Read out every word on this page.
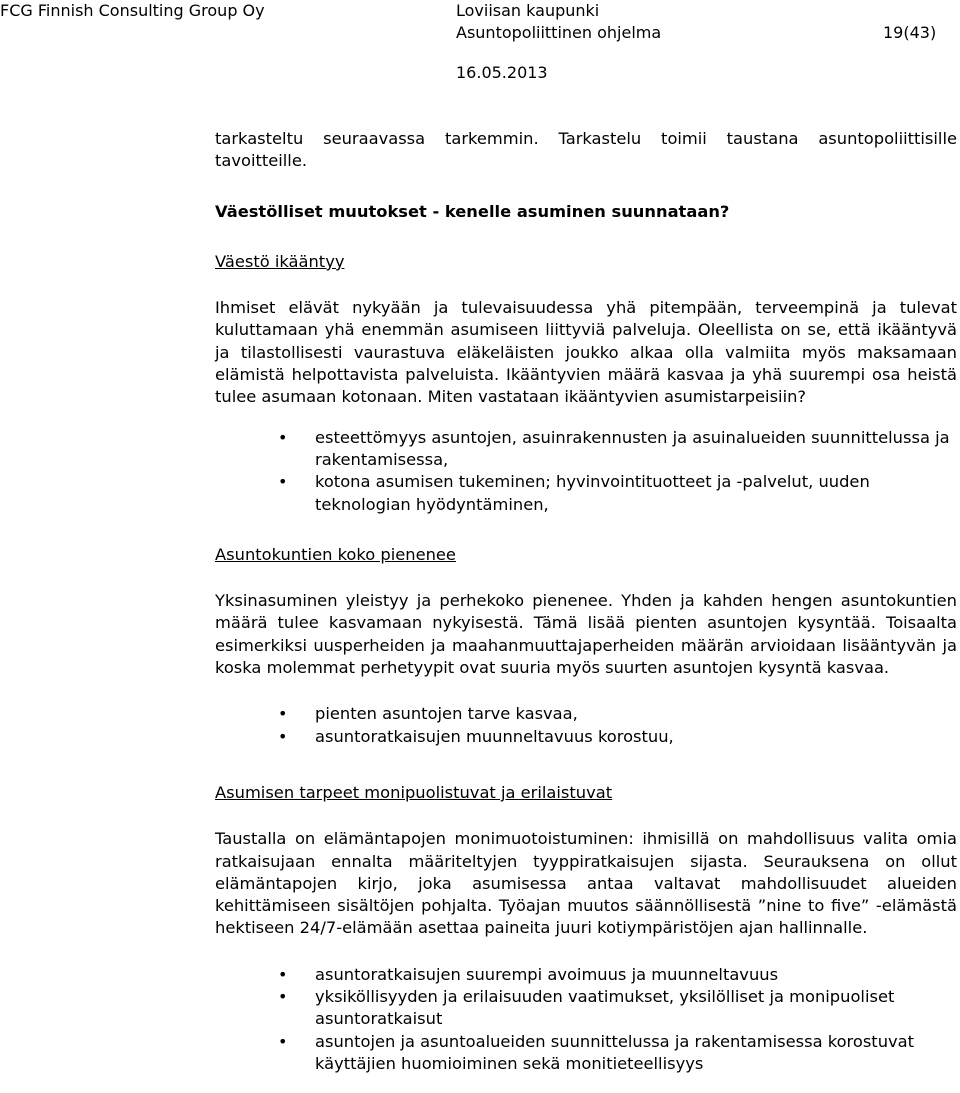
FCG Finnish Consulting Group Oy	Loviisan kaupunki
Asuntopoliittinen ohjelma	19(43)
16.05.2013

tarkasteltu seuraavassa tarkemmin. Tarkastelu toimii taustana asuntopoliittisille tavoitteille.

Väestölliset muutokset - kenelle asuminen suunnataan?

Väestö ikääntyy

Ihmiset elävät nykyään ja tulevaisuudessa yhä pitempään, terveempinä ja tulevat kuluttamaan yhä enemmän asumiseen liittyviä palveluja. Oleellista on se, että ikääntyvä ja tilastollisesti vaurastuva eläkeläisten joukko alkaa olla valmiita myös maksamaan elämistä helpottavista palveluista. Ikääntyvien määrä kasvaa ja yhä suurempi osa heistä tulee asumaan kotonaan. Miten vastataan ikääntyvien asumistarpeisiin?

• esteettömyys asuntojen, asuinrakennusten ja asuinalueiden suunnittelussa ja rakentamisessa,
• kotona asumisen tukeminen; hyvinvointituotteet ja -palvelut, uuden teknologian hyödyntäminen,

Asuntokuntien koko pienenee

Yksinasuminen yleistyy ja perhekoko pienenee. Yhden ja kahden hengen asuntokuntien määrä tulee kasvamaan nykyisestä. Tämä lisää pienten asuntojen kysyntää. Toisaalta esimerkiksi uusperheiden ja maahanmuuttajaperheiden määrän arvioidaan lisääntyvän ja koska molemmat perhetyypit ovat suuria myös suurten asuntojen kysyntä kasvaa.

• pienten asuntojen tarve kasvaa,
• asuntoratkaisujen muunneltavuus korostuu,

Asumisen tarpeet monipuolistuvat ja erilaistuvat

Taustalla on elämäntapojen monimuotoistuminen: ihmisillä on mahdollisuus valita omia ratkaisujaan ennalta määriteltyjen tyyppiratkaisujen sijasta. Seurauksena on ollut elämäntapojen kirjo, joka asumisessa antaa valtavat mahdollisuudet alueiden kehittämiseen sisältöjen pohjalta. Työajan muutos säännöllisestä ”nine to five” -elämästä hektiseen 24/7-elämään asettaa paineita juuri kotiympäristöjen ajan hallinnalle.

• asuntoratkaisujen suurempi avoimuus ja muunneltavuus
• yksiköllisyyden ja erilaisuuden vaatimukset, yksilölliset ja monipuoliset asuntoratkaisut
• asuntojen ja asuntoalueiden suunnittelussa ja rakentamisessa korostuvat käyttäjien huomioiminen sekä monitieteellisyys
